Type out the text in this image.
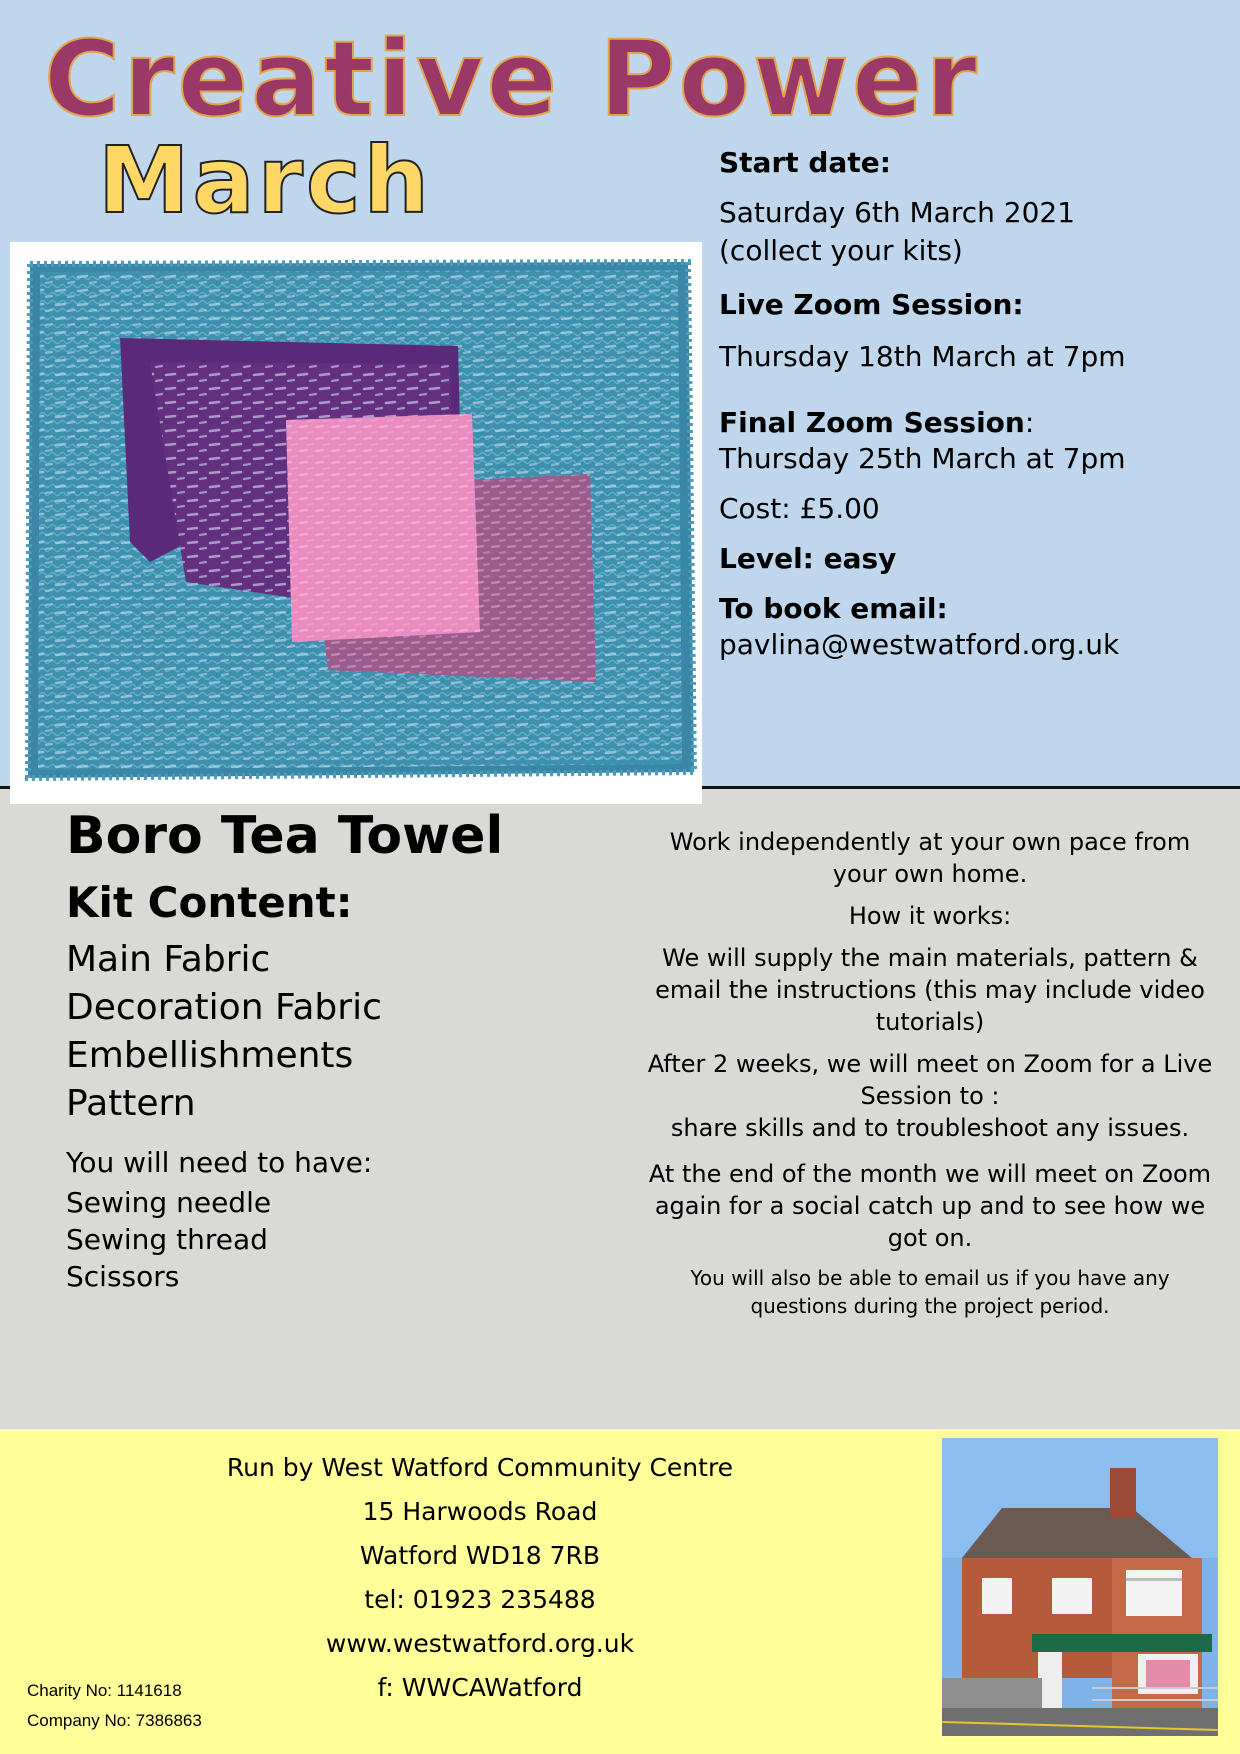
Creative Power
March	Start date:
Saturday 6th March 2021
(collect your kits)
Live Zoom Session:
Thursday 18th March at 7pm
Final Zoom Session:
Thursday 25th March at 7pm
Cost: £5.00
Level: easy
To book email:
pavlina@westwatford.org.uk
Boro Tea Towel
Kit Content:
Main Fabric
Decoration Fabric
Embellishments
Pattern
You will need to have:
Sewing needle
Sewing thread
Scissors

Work independently at your own pace from your own home.

How it works:

We will supply the main materials, pattern & email the instructions (this may include video tutorials)

After 2 weeks, we will meet on Zoom for a Live Session to :

share skills and to troubleshoot any issues.

At the end of the month we will meet on Zoom again for a social catch up and to see how we got on.

You will also be able to email us if you have any questions during the project period.

Run by West Watford Community Centre
15 Harwoods Road
Watford WD18 7RB
tel: 01923 235488
www.westwatford.org.uk
f: WWCAWatford
Charity No: 1141618
Company No: 7386863
